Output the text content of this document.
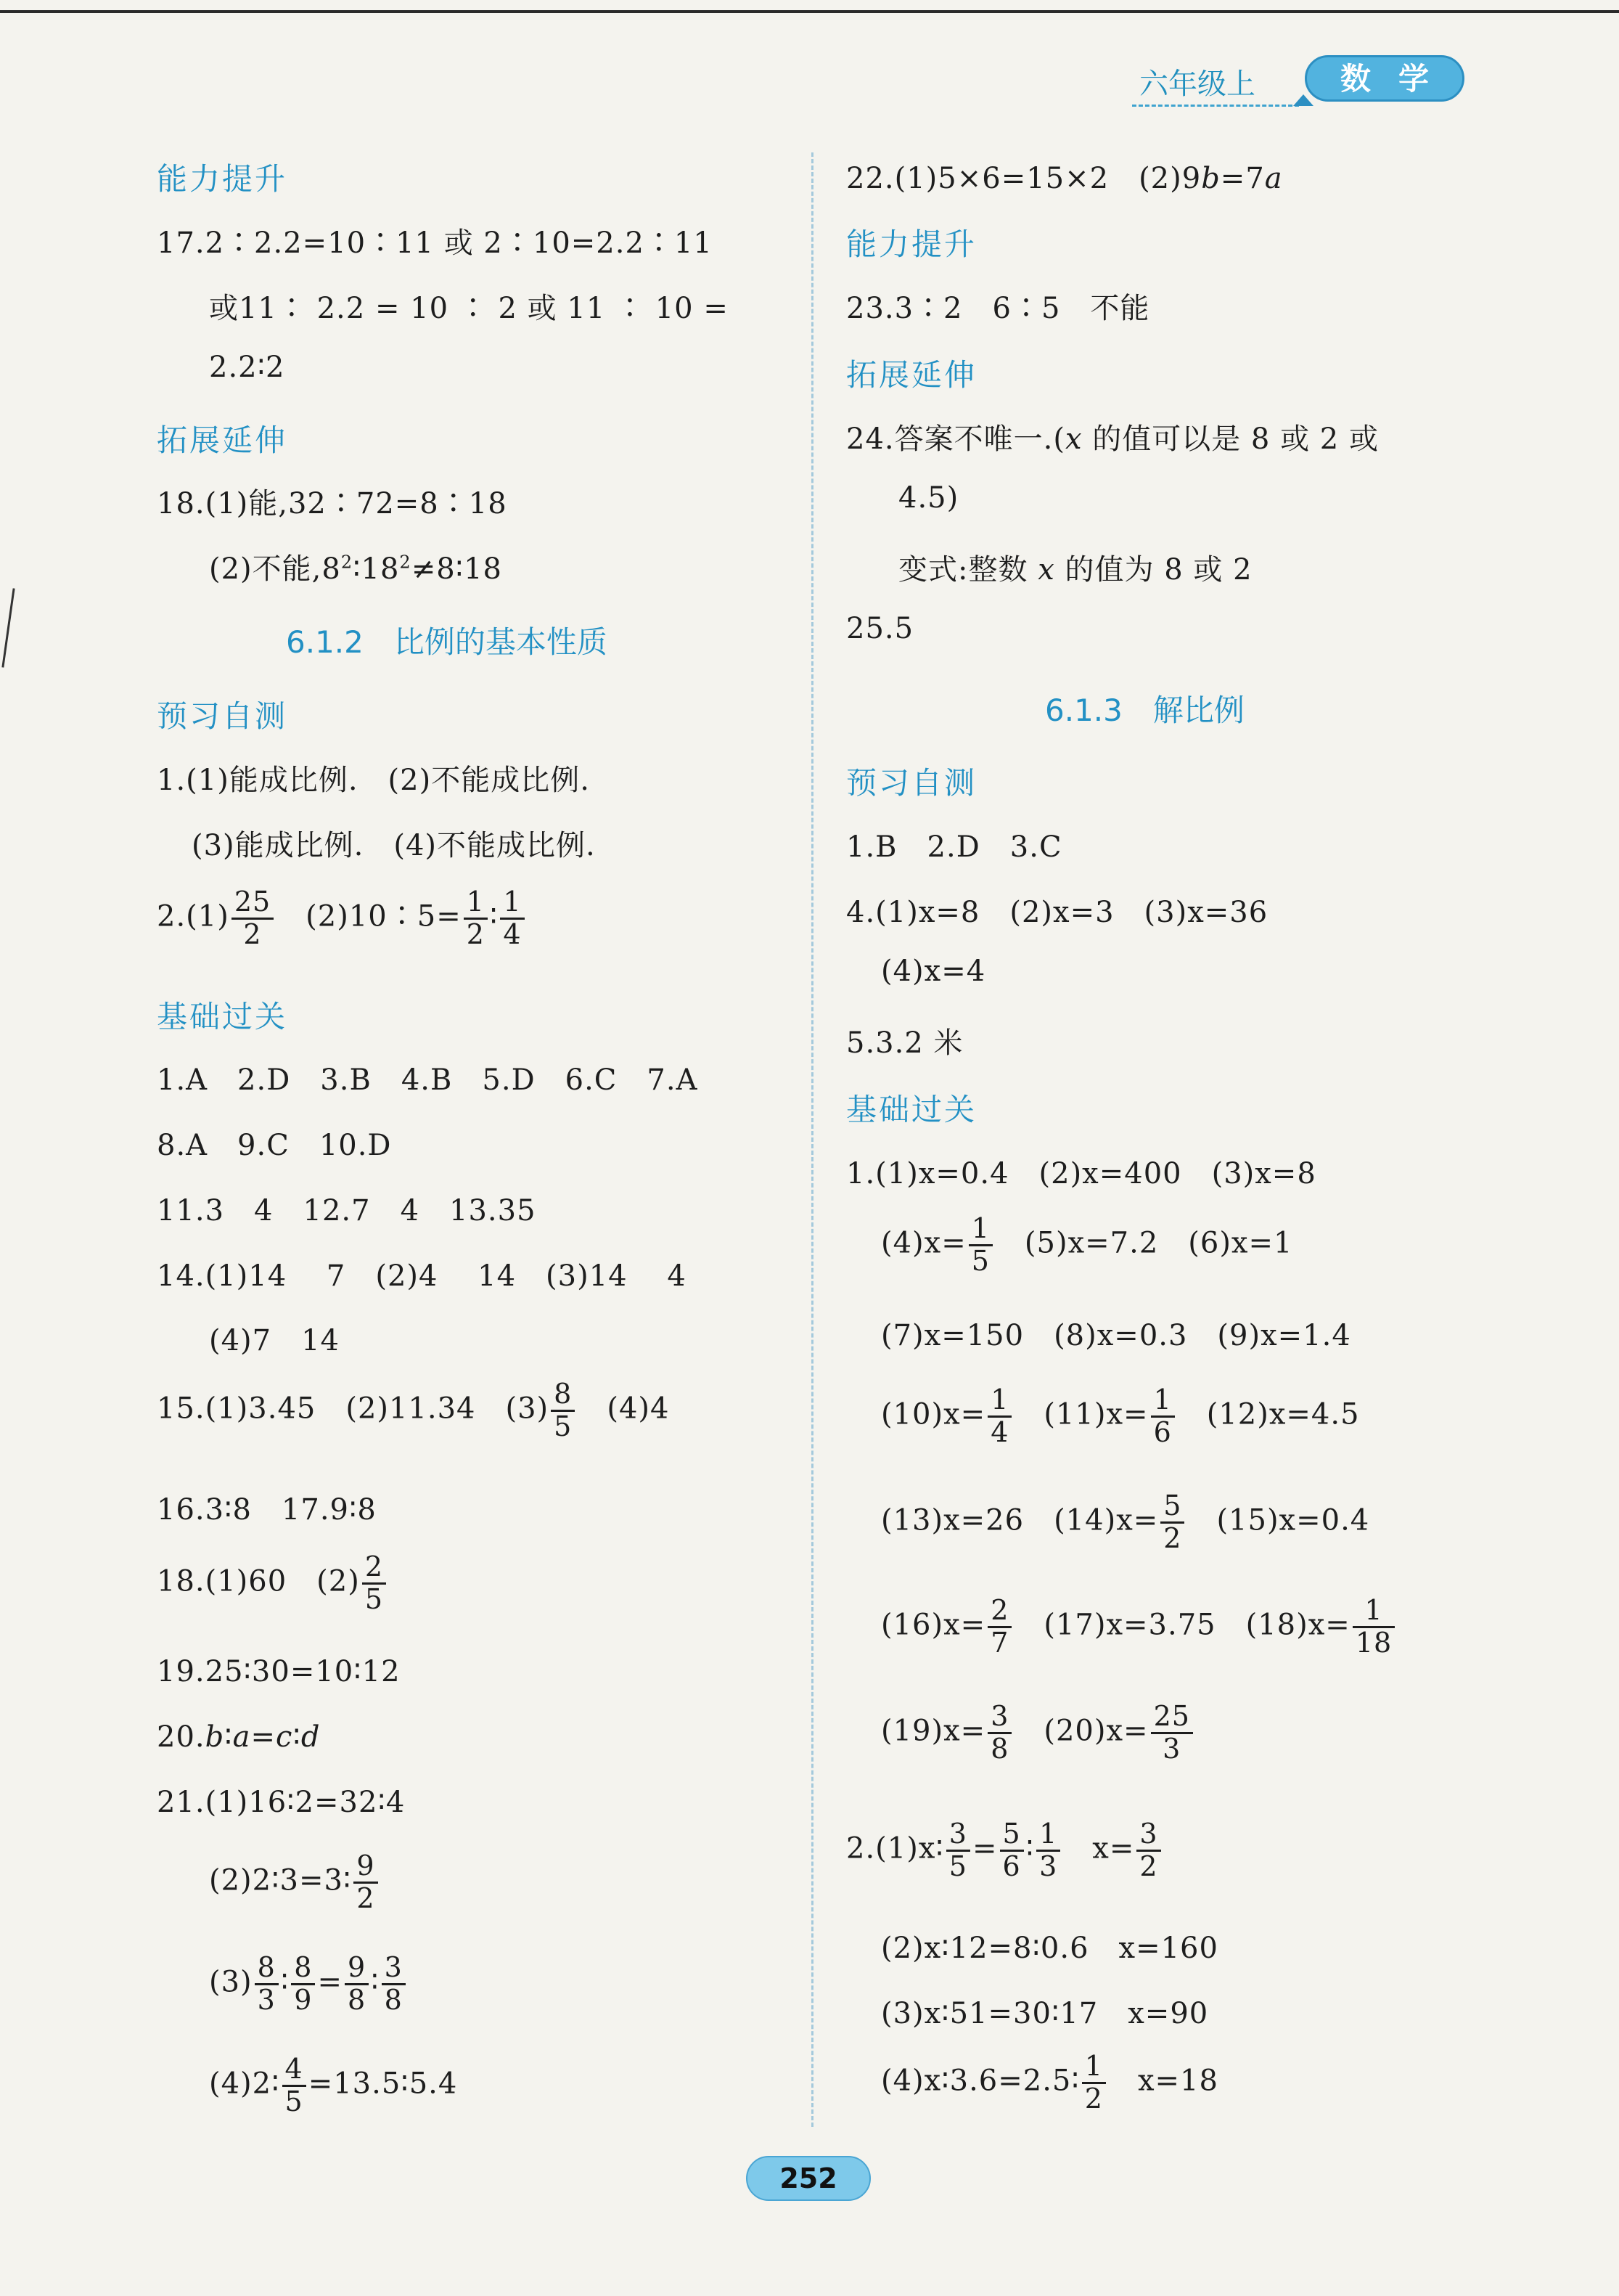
六年级上	数学
能力提升
17.2∶2.2=10∶11 或 2∶10=2.2∶11
或11∶ 2.2 = 10 ∶ 2 或 11 ∶ 10 =
2.2∶2
拓展延伸
18.(1)能,32∶72=8∶18
(2)不能$,8^2∶18^2\ne 8∶18$
6.1.2　比例的基本性质
预习自测
1.(1)能成比例.　(2)不能成比例.
(3)能成比例.　(4)不能成比例.
$2.(1) \frac{25}{2}$ 　(2)10∶5= $\frac{1}{2}$ ∶ $\frac{1}{4}$
基础过关
1.A　2.D　3.B　4.B　5.D　6.C　7.A
8.A　9.C　10.D
11.3　4　12.7　4　13.35
14.(1)14　 7　(2)4　 14　(3)14　 4
(4)7　14
15.(1)3.45　(2)11.34　$(3) \frac{8}{5}$ 　(4)4
16.3∶8　17.9∶8
18.(1)60　$(2) \frac{2}{5}$
19.25∶30=10∶12
20.b∶a=c∶d
21.(1)16∶2=32∶4
(2)2∶3=3∶ $\frac{9}{2}$
$(3) \frac{8}{3}$ ∶ $\frac{8}{9} = \frac{9}{8}$ ∶ $\frac{3}{8}$
(4)2∶ $\frac{4}{5}$ =13.5∶5.4
22.(1)5×6=15×2　(2)9b=7a
能力提升
23.3∶2　6∶5　不能
拓展延伸
24.答案不唯一.(x 的值可以是 8 或 2 或
4.5)
变式:整数 x 的值为 8 或 2
25.5
6.1.3　解比例
预习自测
1.B　2.D　3.C
4.(1)x=8　(2)x=3　(3)x=36
(4)x=4
5.3.2 米
基础过关
1.(1)x=0.4　(2)x=400　(3)x=8
$(4)x= \frac{1}{5}$ 　(5)x=7.2　(6)x=1
(7)x=150　(8)x=0.3　(9)x=1.4
$(10)x= \frac{1}{4}$ 　$(11)x= \frac{1}{6}$ 　(12)x=4.5
(13)x=26　$(14)x= \frac{5}{2}$ 　(15)x=0.4
$(16)x= \frac{2}{7}$ 　(17)x=3.75　$(18)x= \frac{1}{18}$
$(19)x= \frac{3}{8}$ 　$(20)x= \frac{25}{3}$
2.(1)x∶ $\frac{3}{5} = \frac{5}{6}$ ∶ $\frac{1}{3}$ 　$x= \frac{3}{2}$
(2)x∶12=8∶0.6　x=160
(3)x∶51=30∶17　x=90
(4)x∶3.6=2.5∶ $\frac{1}{2}$ 　x=18
252
